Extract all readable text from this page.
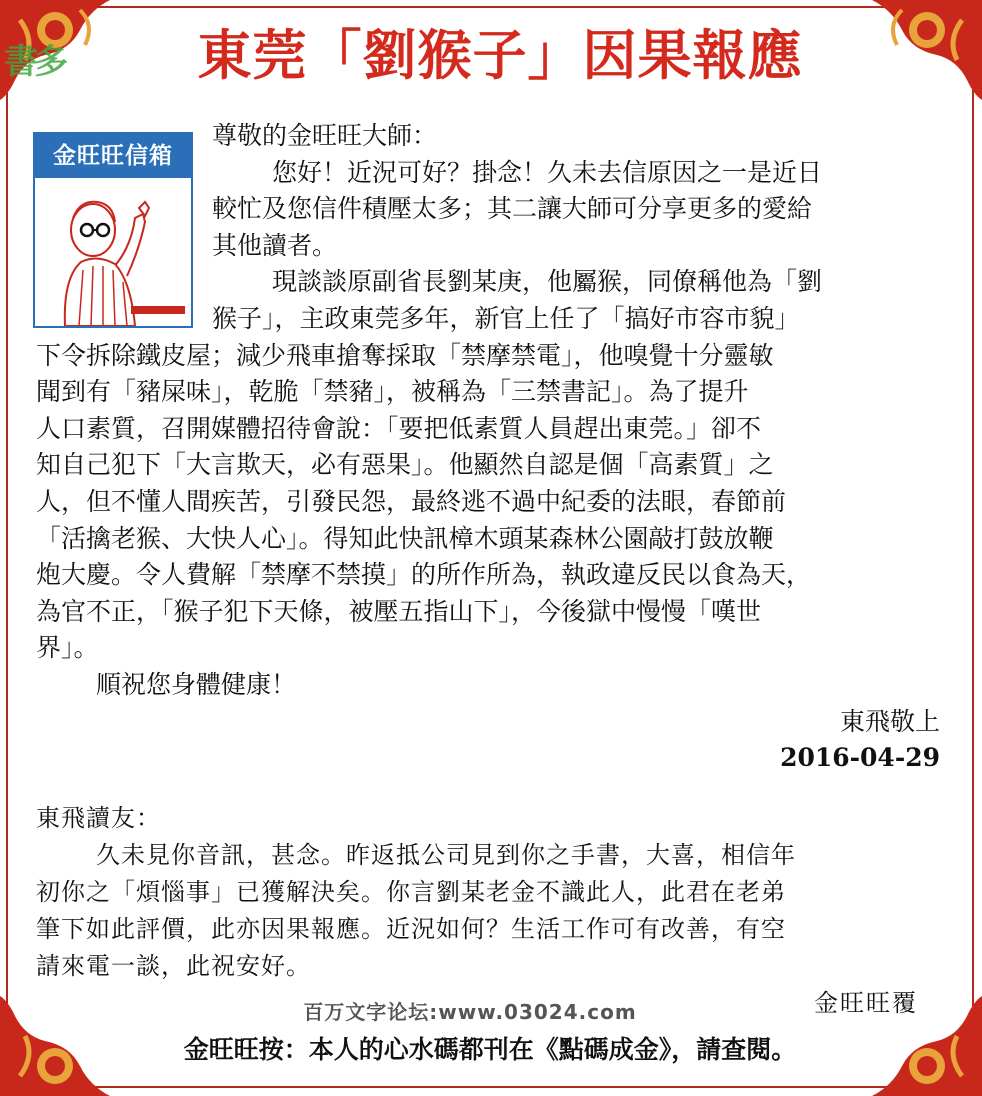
書多	東莞「劉猴子」因果報應
金旺旺信箱
尊敬的金旺旺大師：
您好！近況可好？掛念！久未去信原因之一是近日
較忙及您信件積壓太多；其二讓大師可分享更多的愛給
其他讀者。
現談談原副省長劉某庚，他屬猴，同僚稱他為「劉
猴子」，主政東莞多年，新官上任了「搞好市容市貌」
下令拆除鐵皮屋；減少飛車搶奪採取「禁摩禁電」，他嗅覺十分靈敏
聞到有「豬屎味」，乾脆「禁豬」，被稱為「三禁書記」。為了提升
人口素質，召開媒體招待會說：「要把低素質人員趕出東莞。」卻不
知自己犯下「大言欺天，必有惡果」。他顯然自認是個「高素質」之
人，但不懂人間疾苦，引發民怨，最終逃不過中紀委的法眼，春節前
「活擒老猴、大快人心」。得知此快訊樟木頭某森林公園敲打鼓放鞭
炮大慶。令人費解「禁摩不禁摸」的所作所為，執政違反民以食為天，
為官不正，「猴子犯下天條，被壓五指山下」，今後獄中慢慢「嘆世
界」。
順祝您身體健康！
東飛敬上
2016-04-29
東飛讀友：
久未見你音訊，甚念。昨返抵公司見到你之手書，大喜，相信年
初你之「煩惱事」已獲解決矣。你言劉某老金不識此人，此君在老弟
筆下如此評價，此亦因果報應。近況如何？生活工作可有改善，有空
請來電一談，此祝安好。
金旺旺覆
百万文字论坛:www.03024.com
金旺旺按：本人的心水碼都刊在《點碼成金》，請查閱。
